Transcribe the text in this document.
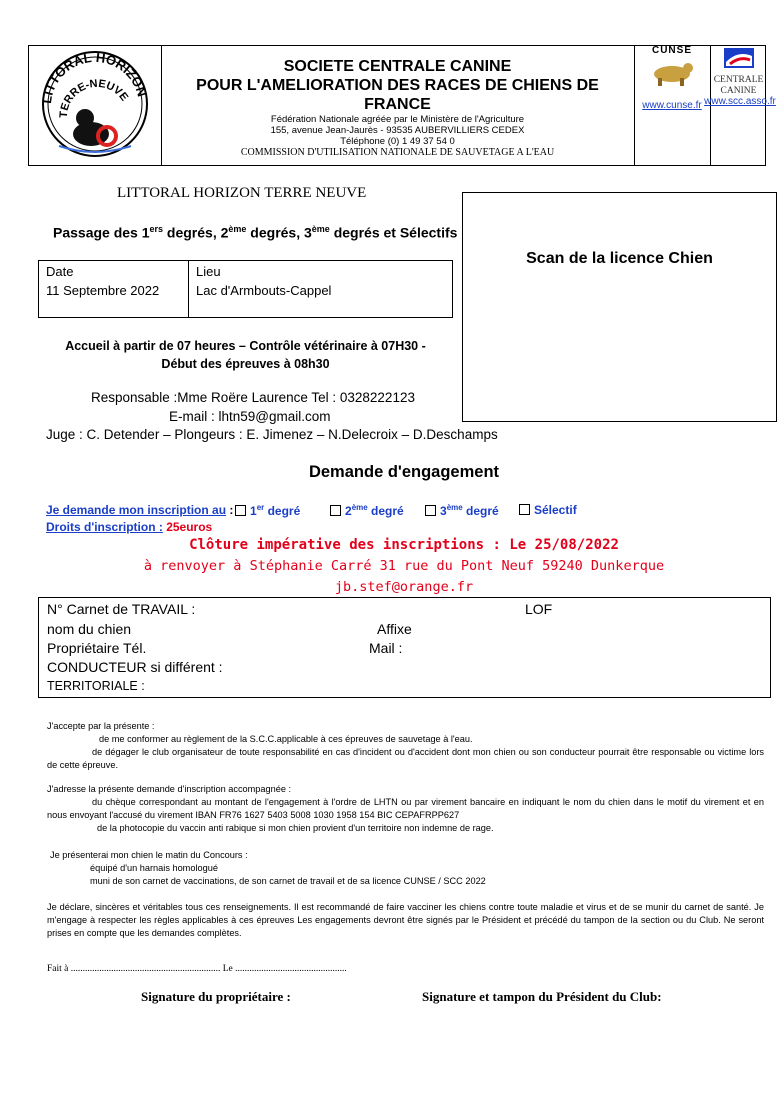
LITTORAL HORIZON
TERRE-NEUVE
SOCIETE CENTRALE CANINE
POUR L'AMELIORATION DES RACES DE CHIENS DE
FRANCE
Fédération Nationale agréée par le Ministère de l'Agriculture
155, avenue Jean-Jaurès - 93535 AUBERVILLIERS CEDEX
Téléphone (0) 1 49 37 54 0
COMMISSION D'UTILISATION NATIONALE DE SAUVETAGE A L'EAU
CUNSE
www.cunse.fr
CENTRALE
CANINE
www.scc.asso.fr
LITTORAL HORIZON TERRE NEUVE
Passage des 1ers degrés, 2ème degrés, 3ème degrés et Sélectifs
Scan de la licence Chien
Date
11 Septembre 2022
Lieu
Lac d'Armbouts-Cappel
Accueil à partir de 07 heures – Contrôle vétérinaire à 07H30 -
Début des épreuves à 08h30
Responsable :Mme Roëre Laurence Tel : 0328222123
E-mail : lhtn59@gmail.com
Juge : C. Detender – Plongeurs : E. Jimenez – N.Delecroix – D.Deschamps
Demande d'engagement
Je demande mon inscription au :	1er degré	2ème degré	3ème degré	Sélectif
Droits d'inscription : 25euros
Clôture impérative des inscriptions : Le 25/08/2022
à renvoyer à Stéphanie Carré 31 rue du Pont Neuf 59240 Dunkerque
jb.stef@orange.fr
N° Carnet de TRAVAIL :	LOF
nom du chien	Affixe
Propriétaire Tél.	Mail :
CONDUCTEUR si différent :
TERRITORIALE :
J'accepte par la présente :
de me conformer au règlement de la S.C.C.applicable à ces épreuves de sauvetage à l'eau.
de dégager le club organisateur de toute responsabilité en cas d'incident ou d'accident dont mon chien ou son conducteur pourrait être responsable ou victime lors de cette épreuve.
J'adresse la présente demande d'inscription accompagnée :
du chèque correspondant au montant de l'engagement à l'ordre de LHTN ou par virement bancaire en indiquant le nom du chien dans le motif du virement et en nous envoyant l'accusé du virement IBAN FR76 1627 5403 5008 1030 1958 154 BIC CEPAFRPP627
de la photocopie du vaccin anti rabique si mon chien provient d'un territoire non indemne de rage.
Je présenterai mon chien le matin du Concours :
équipé d'un harnais homologué
muni de son carnet de vaccinations, de son carnet de travail et de sa licence CUNSE / SCC 2022
Je déclare, sincères et véritables tous ces renseignements. Il est recommandé de faire vacciner les chiens contre toute maladie et virus et de se munir du carnet de santé. Je m'engage à respecter les règles applicables à ces épreuves Les engagements devront être signés par le Président et précédé du tampon de la section ou du Club. Ne seront prises en compte que les demandes complètes.
Fait à ............................................................... Le ...............................................
Signature du propriétaire :	Signature et tampon du Président du Club:
